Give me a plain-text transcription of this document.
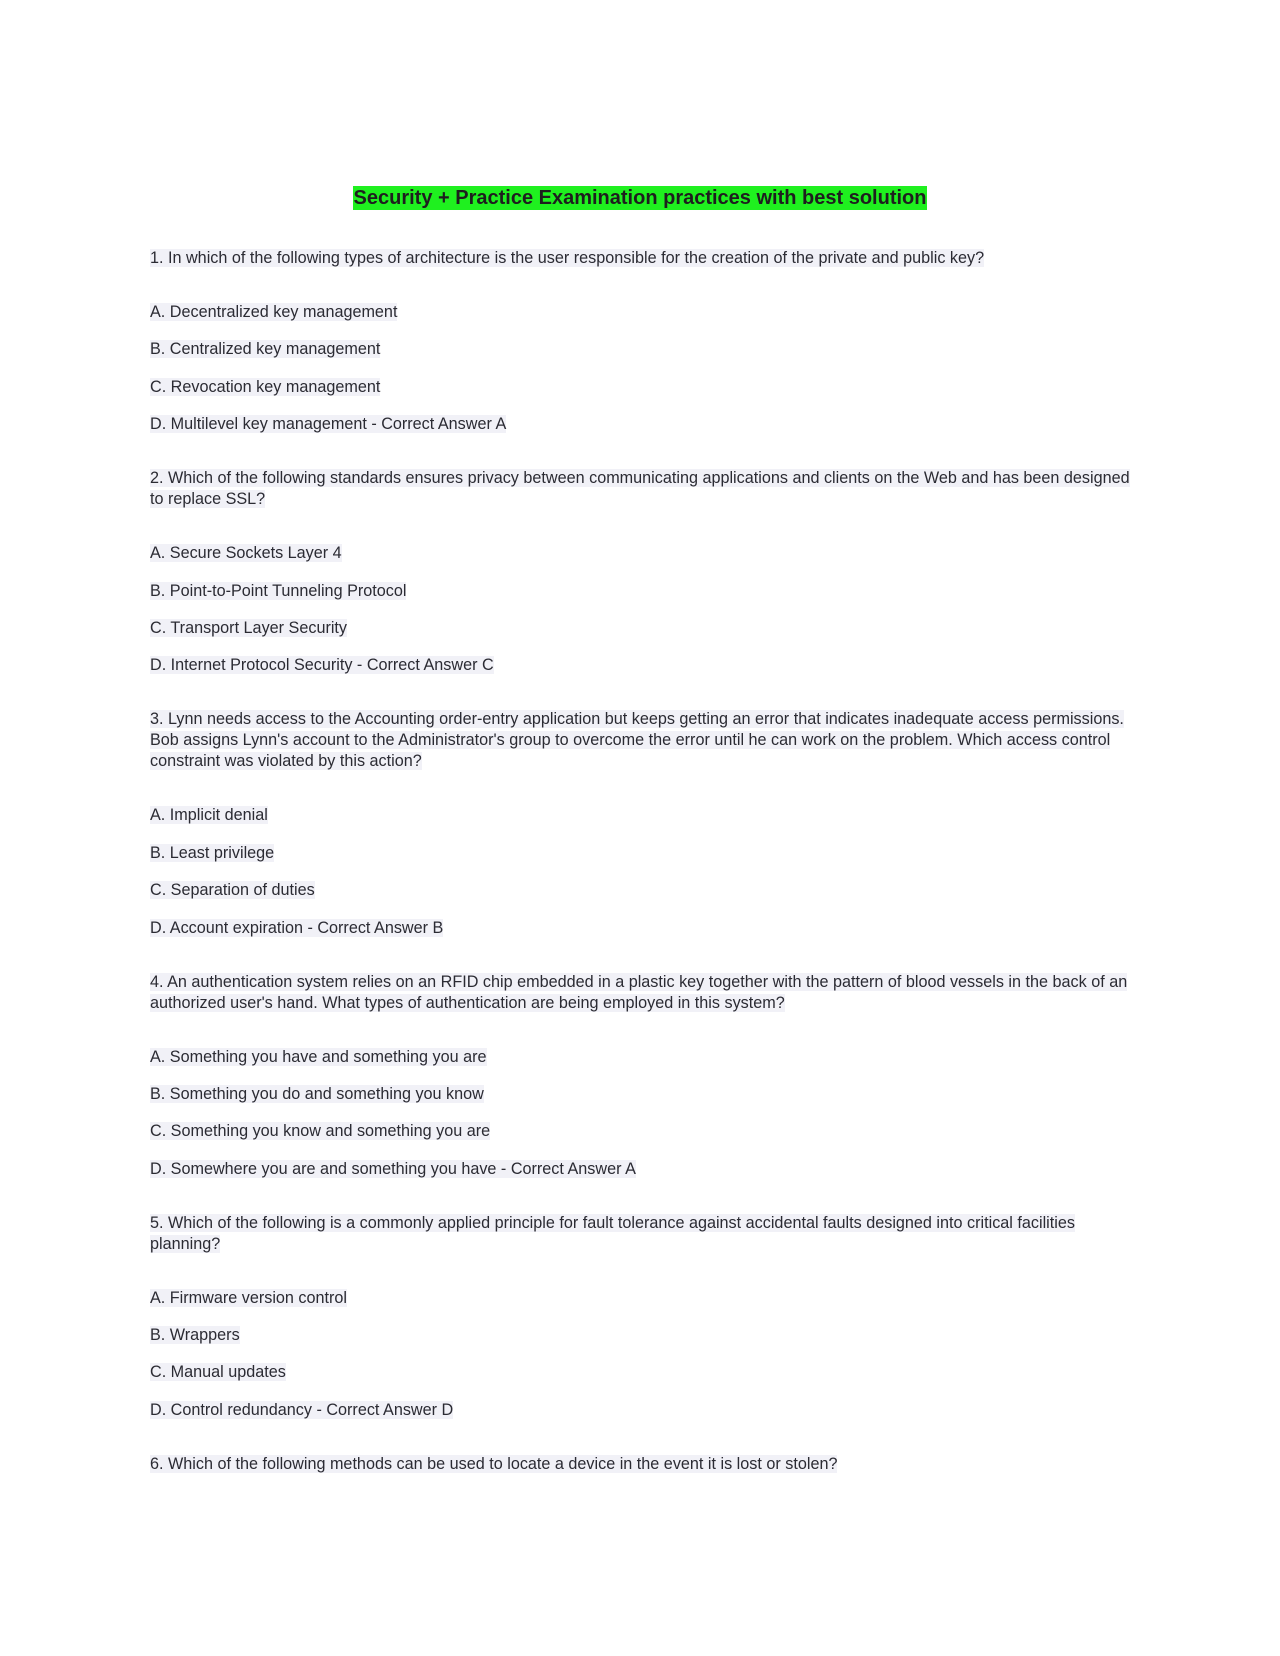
Security + Practice Examination practices with best solution

1. In which of the following types of architecture is the user responsible for the creation of the private and public key?

A. Decentralized key management
B. Centralized key management
C. Revocation key management
D. Multilevel key management - Correct Answer A

2. Which of the following standards ensures privacy between communicating applications and clients on the Web and has been designed to replace SSL?

A. Secure Sockets Layer 4
B. Point-to-Point Tunneling Protocol
C. Transport Layer Security
D. Internet Protocol Security - Correct Answer C

3. Lynn needs access to the Accounting order-entry application but keeps getting an error that indicates inadequate access permissions. Bob assigns Lynn's account to the Administrator's group to overcome the error until he can work on the problem. Which access control constraint was violated by this action?

A. Implicit denial
B. Least privilege
C. Separation of duties
D. Account expiration - Correct Answer B

4. An authentication system relies on an RFID chip embedded in a plastic key together with the pattern of blood vessels in the back of an authorized user's hand. What types of authentication are being employed in this system?

A. Something you have and something you are
B. Something you do and something you know
C. Something you know and something you are
D. Somewhere you are and something you have - Correct Answer A

5. Which of the following is a commonly applied principle for fault tolerance against accidental faults designed into critical facilities planning?

A. Firmware version control
B. Wrappers
C. Manual updates
D. Control redundancy - Correct Answer D

6. Which of the following methods can be used to locate a device in the event it is lost or stolen?
